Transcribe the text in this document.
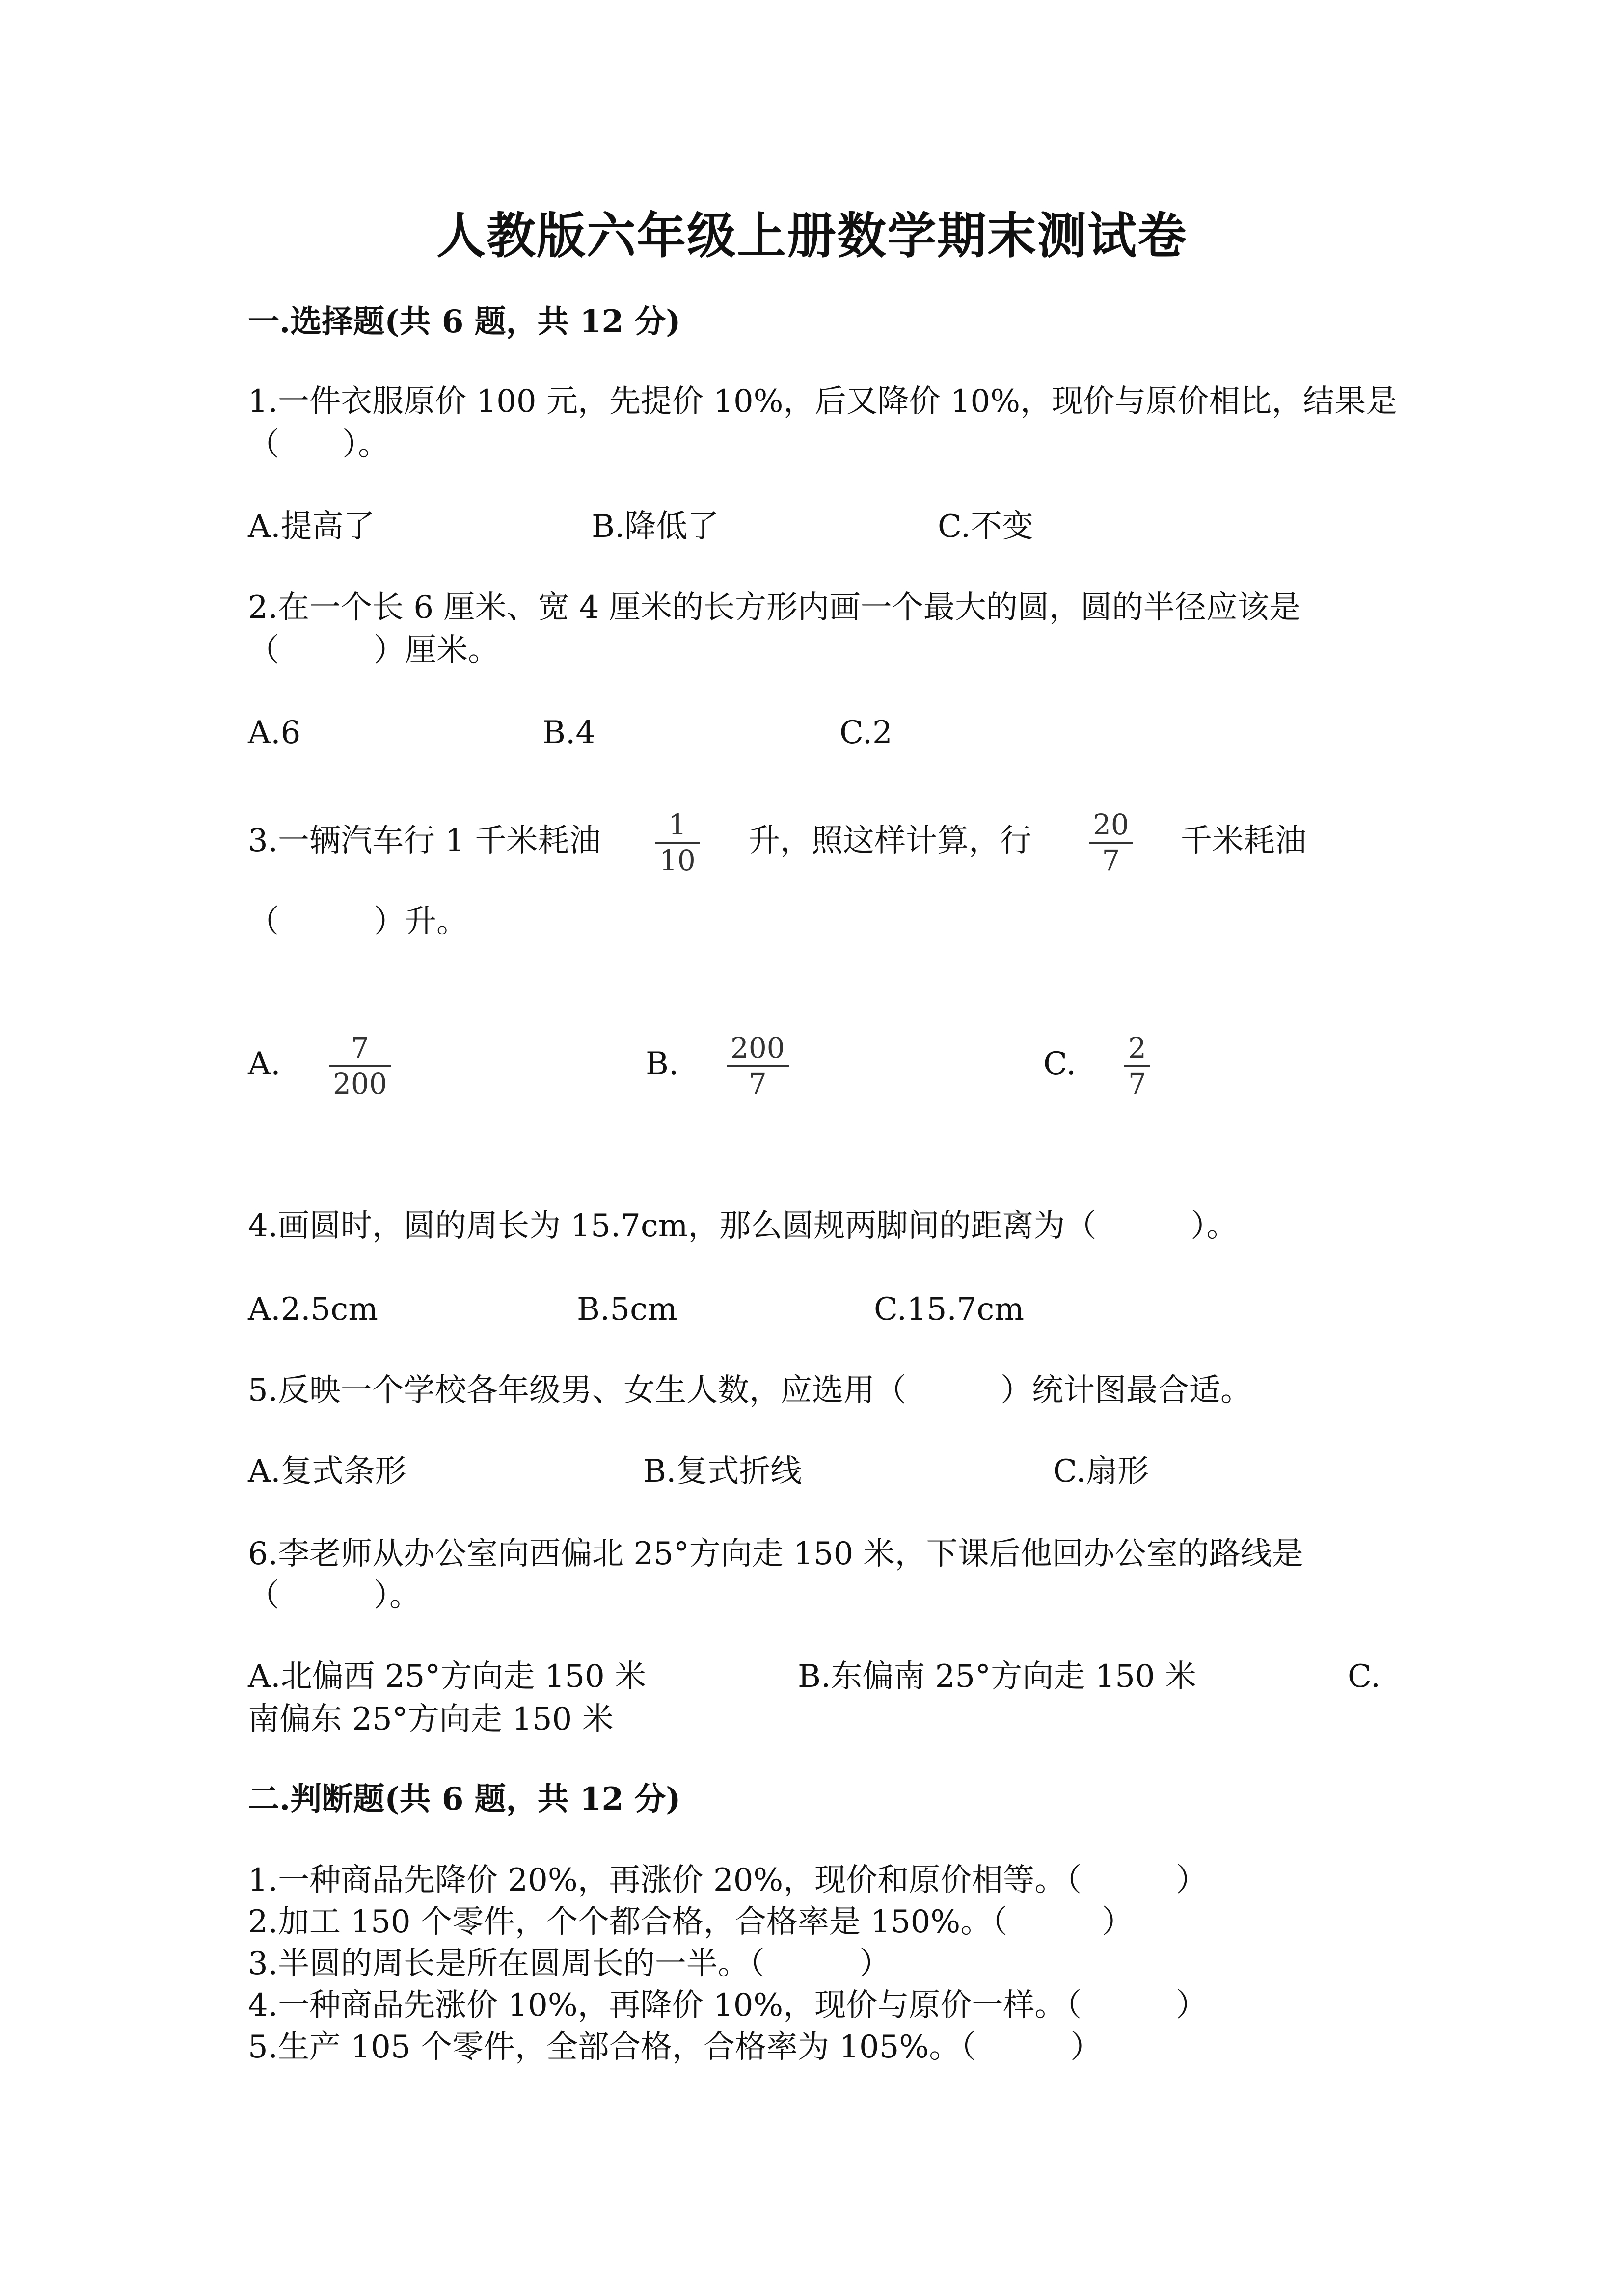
人教版六年级上册数学期末测试卷
一.选择题(共 6 题，共 12 分)
1.一件衣服原价 100 元，先提价 10%，后又降价 10%，现价与原价相比，结果是
（　　）。
A.提高了	B.降低了	C.不变
2.在一个长 6 厘米、宽 4 厘米的长方形内画一个最大的圆，圆的半径应该是
（　　　）厘米。
A.6	B.4	C.2
3.一辆汽车行 1 千米耗油 1
10
升，照这样计算，行 20
7
千米耗油
（　　　）升。
A. 7
200
B. 200
7
C. 2
7
4.画圆时，圆的周长为 15.7cm，那么圆规两脚间的距离为（　　　）。
A.2.5cm	B.5cm	C.15.7cm
5.反映一个学校各年级男、女生人数，应选用（　　　）统计图最合适。
A.复式条形	B.复式折线	C.扇形
6.李老师从办公室向西偏北 25°方向走 150 米，下课后他回办公室的路线是
（　　　）。
A.北偏西 25°方向走 150 米	B.东偏南 25°方向走 150 米	C.
南偏东 25°方向走 150 米
二.判断题(共 6 题，共 12 分)
1.一种商品先降价 20%，再涨价 20%，现价和原价相等。（　　　）
2.加工 150 个零件，个个都合格，合格率是 150%。（　　　）
3.半圆的周长是所在圆周长的一半。（　　　）
4.一种商品先涨价 10%，再降价 10%，现价与原价一样。（　　　）
5.生产 105 个零件，全部合格，合格率为 105%。（　　　）
